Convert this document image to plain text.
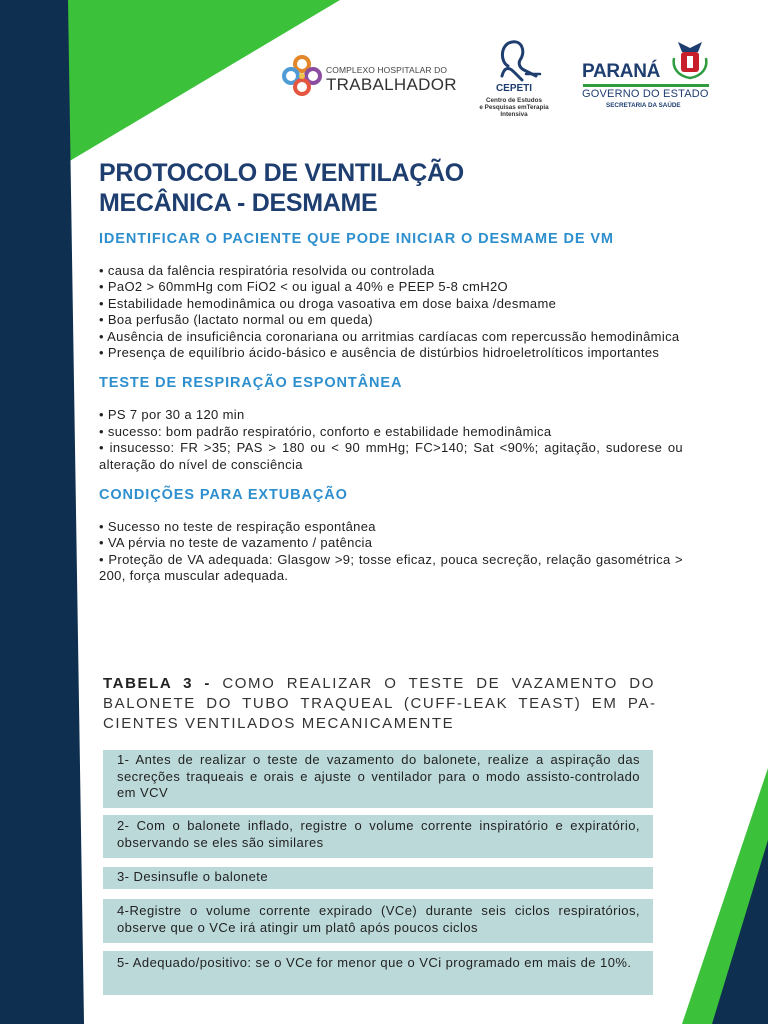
COMPLEXO HOSPITALAR DO
TRABALHADOR	CEPETI
Centro de Estudos
e Pesquisas emTerapia
Intensiva
PARANÁ
GOVERNO DO ESTADO
SECRETARIA DA SAÚDE
PROTOCOLO DE VENTILAÇÃO
MECÂNICA - DESMAME
IDENTIFICAR O PACIENTE QUE PODE INICIAR O DESMAME DE VM
• causa da falência respiratória resolvida ou controlada
• PaO2 > 60mmHg com FiO2 < ou igual a 40% e PEEP 5-8 cmH2O
• Estabilidade hemodinâmica ou droga vasoativa em dose baixa /desmame
• Boa perfusão (lactato normal ou em queda)
• Ausência de insuficiência coronariana ou arritmias cardíacas com repercussão hemodinâmica
• Presença de equilíbrio ácido-básico e ausência de distúrbios hidroeletrolíticos importantes
TESTE DE RESPIRAÇÃO ESPONTÂNEA
• PS 7 por 30 a 120 min
• sucesso: bom padrão respiratório, conforto e estabilidade hemodinâmica
• insucesso: FR >35; PAS > 180 ou < 90 mmHg; FC>140; Sat <90%; agitação, sudorese ou alteração do nível de consciência
CONDIÇÕES PARA EXTUBAÇÃO
• Sucesso no teste de respiração espontânea
• VA pérvia no teste de vazamento / patência
• Proteção de VA adequada: Glasgow >9; tosse eficaz, pouca secreção, relação gasométrica > 200, força muscular adequada.
TABELA 3 - COMO REALIZAR O TESTE DE VAZAMENTO DO BALONETE DO TUBO TRAQUEAL (CUFF-LEAK TEAST) EM PACIENTES VENTILADOS MECANICAMENTE
1- Antes de realizar o teste de vazamento do balonete, realize a aspiração das secreções traqueais e orais e ajuste o ventilador para o modo assisto-controlado em VCV
2- Com o balonete inflado, registre o volume corrente inspiratório e expiratório, observando se eles são similares
3- Desinsufle o balonete
4-Registre o volume corrente expirado (VCe) durante seis ciclos respiratórios, observe que o VCe irá atingir um platô após poucos ciclos
5- Adequado/positivo: se o VCe for menor que o VCi programado em mais de 10%.
